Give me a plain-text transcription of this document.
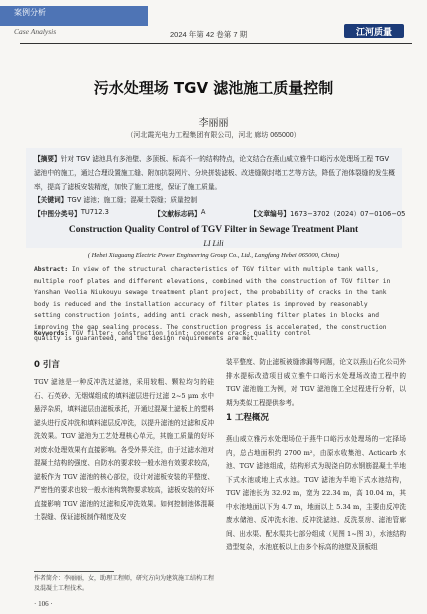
案例分析
Case Analysis	2024 年第 42 卷第 7 期	江河质量
污水处理场 TGV 滤池施工质量控制
李丽丽
（河北霞光电力工程集团有限公司，河北 廊坊 065000）
【摘要】针对 TGV 滤池具有多池壁、多顶板、标高不一的结构特点，论文结合在燕山威立雅牛口峪污水处理场工程 TGV 滤池中的施工，通过合理设置施工缝、附加抗裂网片、分块拼装滤板、改进缝隙封堵工艺等方法，降低了池体裂缝的发生概率，提高了滤板安装精度，加快了施工进度，保证了施工质量。
【关键词】TGV 滤池；施工缝；混凝土裂缝；质量控制
【中图分类号】 TU712.3	【文献标志码】 A	【文章编号】 1673−3702（2024）07−0106−05
Construction Quality Control of TGV Filter in Sewage Treatment Plant
LI Lili
( Hebei Xiaguang Electric Power Engineering Group Co., Ltd., Langfang Hebei 065000, China)
Abstract: In view of the structural characteristics of TGV filter with multiple tank walls, multiple roof plates and different elevations, combined with the construction of TGV filter in Yanshan Veolia Niukouyu sewage treatment plant project, the probability of cracks in the tank body is reduced and the installation accuracy of filter plates is improved by reasonably setting construction joints, adding anti crack mesh, assembling filter plates in blocks and improving the gap sealing process. The construction progress is accelerated, the construction quality is guaranteed, and the design requirements are met.
Keywords: TGV filter; construction joint; concrete crack; quality control
0 引言
TGV 滤池是一种反冲洗过滤池，采用较粗、颗粒均匀的硅石、石英砂、无烟煤组成的填料滤层进行过滤 2~5 μm 水中悬浮杂质，填料滤层由滤板承托，开通过混凝土滤板上的塑料滤头进行反冲洗和填料滤层反冲洗，以提升滤池的过滤和反冲洗效果。TGV 滤池为工艺处理核心单元，其施工质量的好坏对废水处理效果有直接影响。各受外界关注，由于过滤水池对混凝土结构的强度、自防水的要求较一般水池有效要求较高，滤板作为 TGV 滤池的核心部位，设计对滤板安装的平整度、严密性的要求也较一般水池构筑物要求较高，滤板安装的好坏直接影响 TGV 滤池的过滤和反冲洗效果。如何控制池体混凝土裂缝、保证滤板制作精度及安
装平整度、防止滤板被缝渗漏等问题，论文以燕山石化公司外排水提标改造项目威立雅牛口峪污水处理场改造工程中的 TGV 滤池施工为例，对 TGV 滤池施工全过程进行分析，以期为类似工程提供参考。
1 工程概况
燕山威立雅污水处理场位于燕牛口峪污水处理场的一定择场内，总占地面积约 2700 m²，由原水收集池、Acticarb 水池、TGV 滤池组成，结构形式为现浇自防水钢筋混凝土半地下式水池或地上式水池。TGV 滤池为半地下式水池结构，TGV 滤池长为 32.92 m，宽为 22.34 m，高 10.04 m，其中水池地面以下为 4.7 m，地面以上 5.34 m，主要由反冲洗废水储池、反冲洗水池、反冲洗滤池、反洗泵房、滤池管廊间、出水渠、配水渠共七部分组成（见图 1~图 3），水池结构造型复杂，水池底板以上由多个标高的池壁及顶板组
作者简介：李丽丽，女，助理工程师，研究方向为建筑施工结构工程及混凝土工程技术。
· 106 ·
